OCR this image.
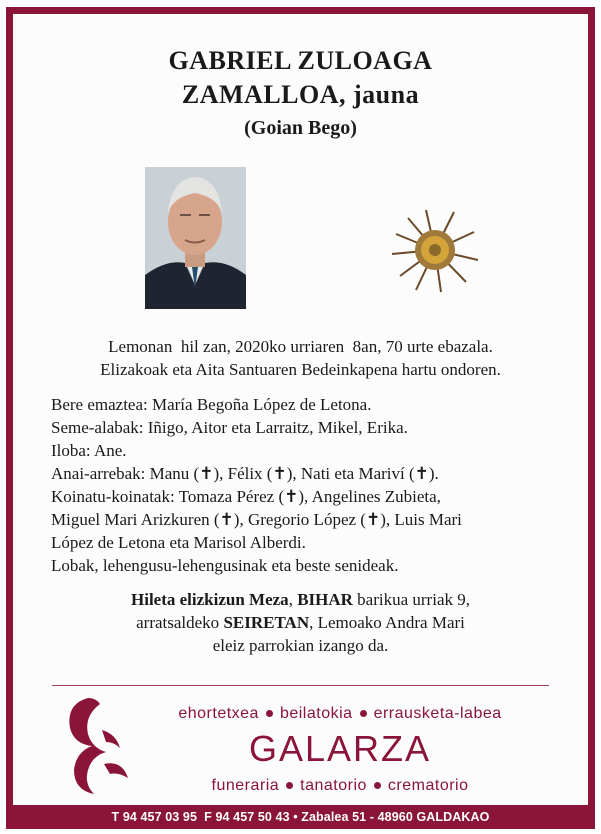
GABRIEL ZULOAGA
ZAMALLOA, jauna
(Goian Bego)
Lemonan  hil zan, 2020ko urriaren  8an, 70 urte ebazala.
Elizakoak eta Aita Santuaren Bedeinkapena hartu ondoren.
Bere emaztea: María Begoña López de Letona.
Seme-alabak: Iñigo, Aitor eta Larraitz, Mikel, Erika.
Iloba: Ane.
Anai-arrebak: Manu (✝), Félix (✝), Nati eta Mariví (✝).
Koinatu-koinatak: Tomaza Pérez (✝), Angelines Zubieta,
Miguel Mari Arizkuren (✝), Gregorio López (✝), Luis Mari
López de Letona eta Marisol Alberdi.
Lobak, lehengusu-lehengusinak eta beste senideak.
Hileta elizkizun Meza, BIHAR barikua urriak 9,
arratsaldeko SEIRETAN, Lemoako Andra Mari
eleiz parrokian izango da.
ehortetxea beilatokia errausketa-labea
GALARZA
funeraria tanatorio crematorio
T 94 457 03 95  F 94 457 50 43 • Zabalea 51 - 48960 GALDAKAO
